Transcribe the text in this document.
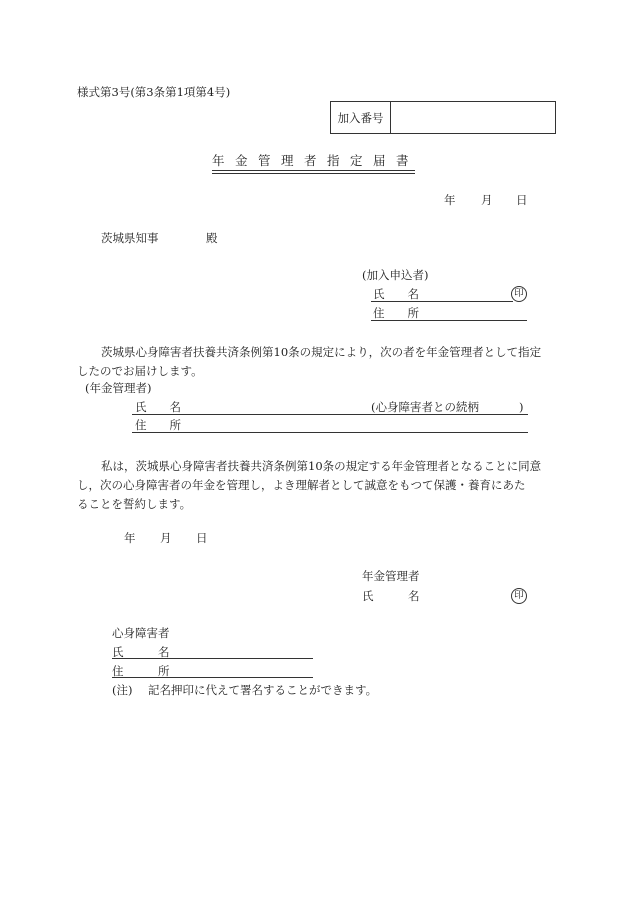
様式第3号(第3条第1項第4号)
加入番号
年金管理者指定届書
年 月 日
茨城県知事	殿
(加入申込者)
氏　　名	印
住　　所
茨城県心身障害者扶養共済条例第10条の規定により，次の者を年金管理者として指定
したのでお届けします。
(年金管理者)
氏　　名	(心身障害者との続柄	)
住　　所
私は，茨城県心身障害者扶養共済条例第10条の規定する年金管理者となることに同意
し，次の心身障害者の年金を管理し，よき理解者として誠意をもつて保護・養育にあた
ることを誓約します。
年 月 日
年金管理者
氏　　　名	印
心身障害者
氏　　　名
住　　　所
(注) 記名押印に代えて署名することができます。
